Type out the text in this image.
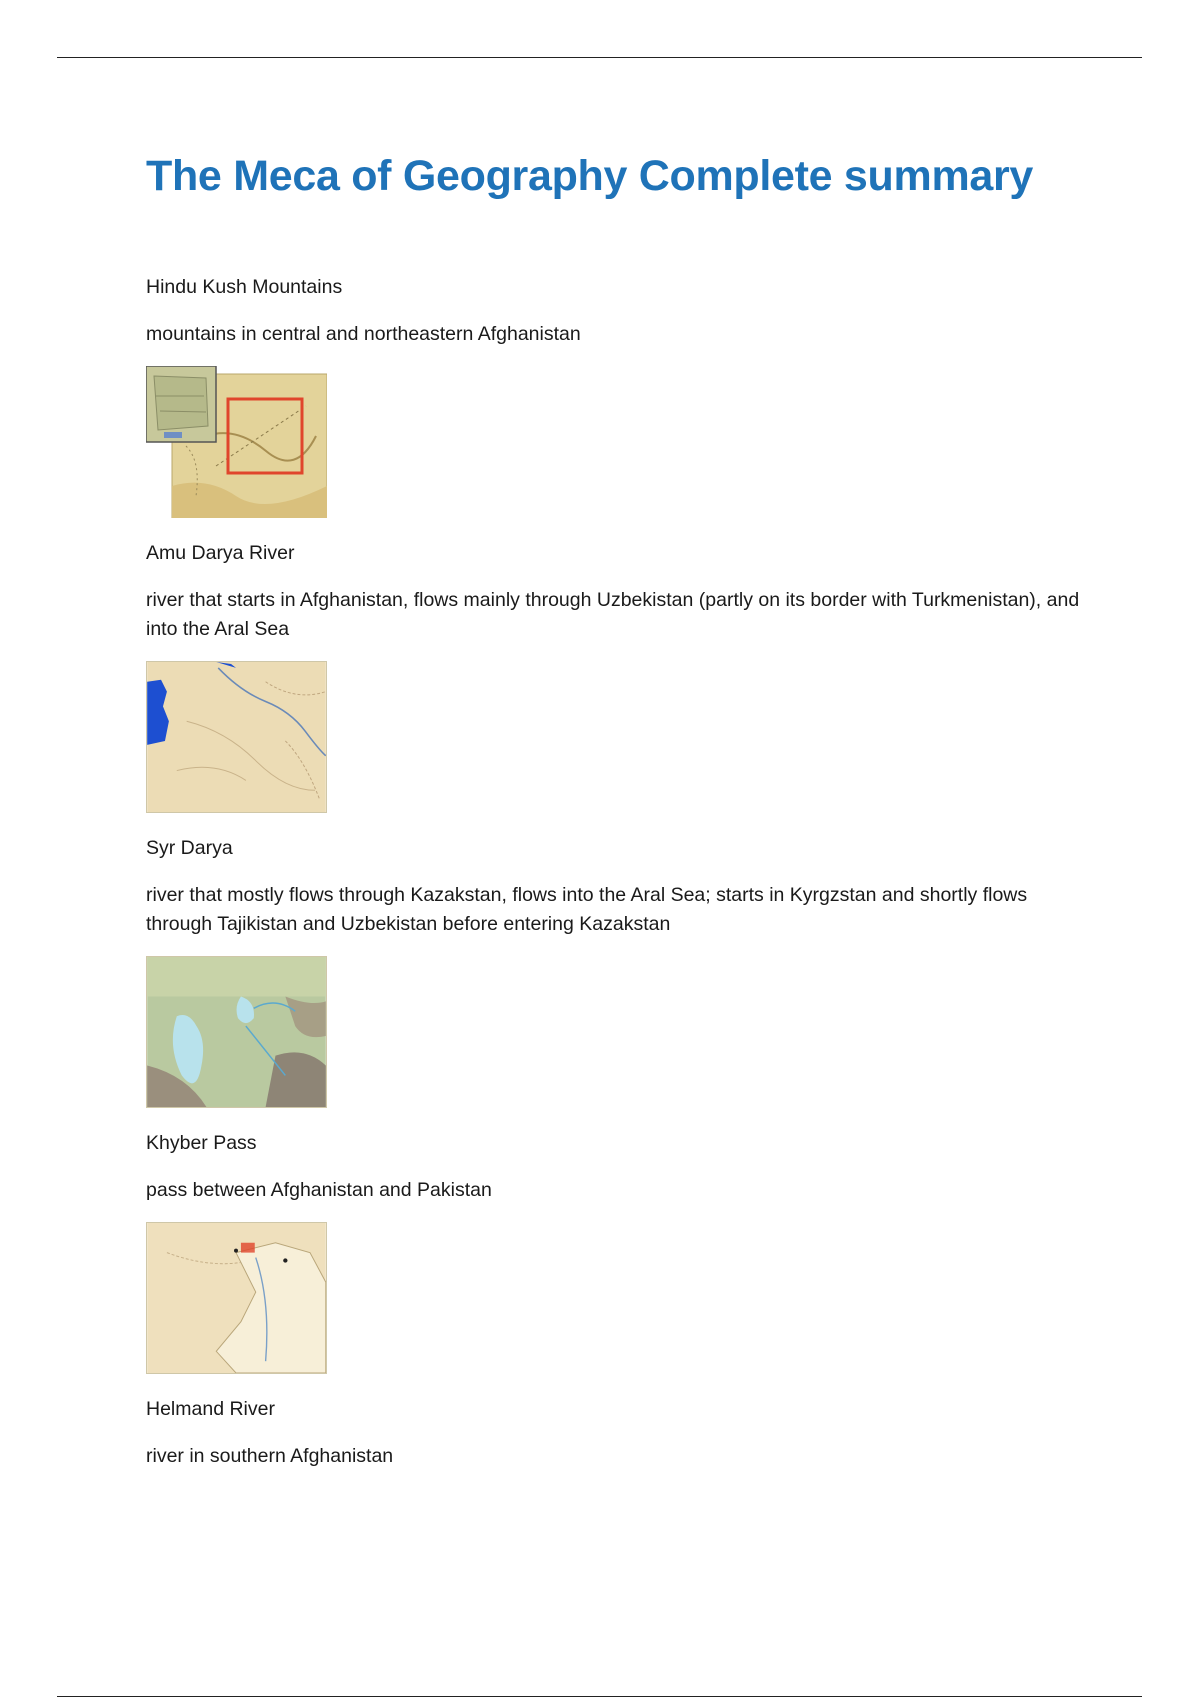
The Meca of Geography Complete summary

Hindu Kush Mountains

mountains in central and northeastern Afghanistan

Amu Darya River

river that starts in Afghanistan, flows mainly through Uzbekistan (partly on its border with Turkmenistan), and into the Aral Sea

Syr Darya

river that mostly flows through Kazakstan, flows into the Aral Sea; starts in Kyrgzstan and shortly flows through Tajikistan and Uzbekistan before entering Kazakstan

Khyber Pass

pass between Afghanistan and Pakistan

Helmand River

river in southern Afghanistan
